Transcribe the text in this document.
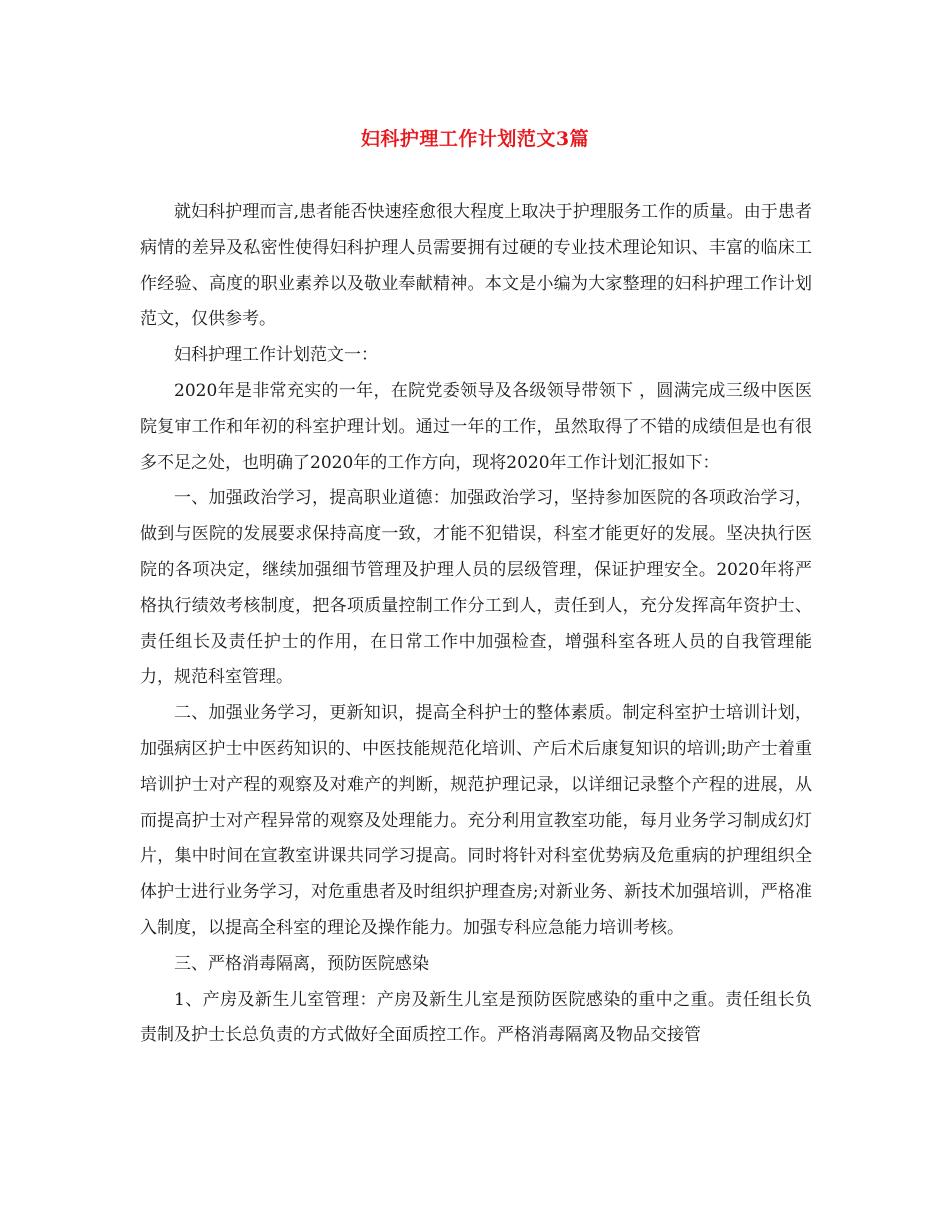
妇科护理工作计划范文3篇

就妇科护理而言,患者能否快速痊愈很大程度上取决于护理服务工作的质量。由于患者病情的差异及私密性使得妇科护理人员需要拥有过硬的专业技术理论知识、丰富的临床工作经验、高度的职业素养以及敬业奉献精神。本文是小编为大家整理的妇科护理工作计划范文，仅供参考。

妇科护理工作计划范文一：

2020年是非常充实的一年，在院党委领导及各级领导带领下 ，圆满完成三级中医医院复审工作和年初的科室护理计划。通过一年的工作，虽然取得了不错的成绩但是也有很多不足之处，也明确了2020年的工作方向，现将2020年工作计划汇报如下：

一、加强政治学习，提高职业道德：加强政治学习，坚持参加医院的各项政治学习，做到与医院的发展要求保持高度一致，才能不犯错误，科室才能更好的发展。坚决执行医院的各项决定，继续加强细节管理及护理人员的层级管理，保证护理安全。2020年将严格执行绩效考核制度，把各项质量控制工作分工到人，责任到人，充分发挥高年资护士、责任组长及责任护士的作用，在日常工作中加强检查，增强科室各班人员的自我管理能力，规范科室管理。

二、加强业务学习，更新知识，提高全科护士的整体素质。制定科室护士培训计划，加强病区护士中医药知识的、中医技能规范化培训、产后术后康复知识的培训;助产士着重培训护士对产程的观察及对难产的判断，规范护理记录，以详细记录整个产程的进展，从而提高护士对产程异常的观察及处理能力。充分利用宣教室功能，每月业务学习制成幻灯片，集中时间在宣教室讲课共同学习提高。同时将针对科室优势病及危重病的护理组织全体护士进行业务学习，对危重患者及时组织护理查房;对新业务、新技术加强培训，严格准入制度，以提高全科室的理论及操作能力。加强专科应急能力培训考核。

三、严格消毒隔离，预防医院感染

1、产房及新生儿室管理：产房及新生儿室是预防医院感染的重中之重。责任组长负责制及护士长总负责的方式做好全面质控工作。严格消毒隔离及物品交接管
